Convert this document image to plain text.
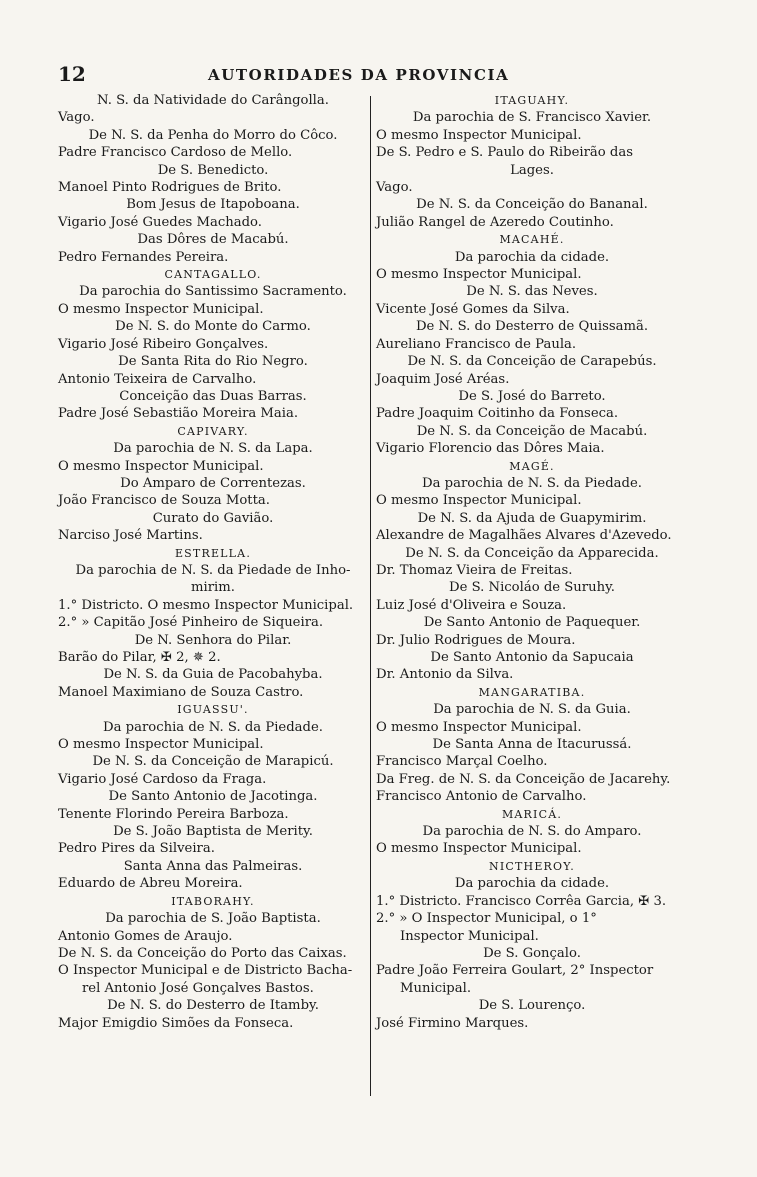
12	AUTORIDADES DA PROVINCIA
N. S. da Natividade do Carângolla.
Vago.
De N. S. da Penha do Morro do Côco.
Padre Francisco Cardoso de Mello.
De S. Benedicto.
Manoel Pinto Rodrigues de Brito.
Bom Jesus de Itapoboana.
Vigario José Guedes Machado.
Das Dôres de Macabú.
Pedro Fernandes Pereira.
CANTAGALLO.
Da parochia do Santissimo Sacramento.
O mesmo Inspector Municipal.
De N. S. do Monte do Carmo.
Vigario José Ribeiro Gonçalves.
De Santa Rita do Rio Negro.
Antonio Teixeira de Carvalho.
Conceição das Duas Barras.
Padre José Sebastião Moreira Maia.
CAPIVARY.
Da parochia de N. S. da Lapa.
O mesmo Inspector Municipal.
Do Amparo de Correntezas.
João Francisco de Souza Motta.
Curato do Gavião.
Narciso José Martins.
ESTRELLA.
Da parochia de N. S. da Piedade de Inho-
mirim.
1.° Districto. O mesmo Inspector Municipal.
2.° » Capitão José Pinheiro de Siqueira.
De N. Senhora do Pilar.
Barão do Pilar, ✠ 2, ✵ 2.
De N. S. da Guia de Pacobahyba.
Manoel Maximiano de Souza Castro.
IGUASSU'.
Da parochia de N. S. da Piedade.
O mesmo Inspector Municipal.
De N. S. da Conceição de Marapicú.
Vigario José Cardoso da Fraga.
De Santo Antonio de Jacotinga.
Tenente Florindo Pereira Barboza.
De S. João Baptista de Merity.
Pedro Pires da Silveira.
Santa Anna das Palmeiras.
Eduardo de Abreu Moreira.
ITABORAHY.
Da parochia de S. João Baptista.
Antonio Gomes de Araujo.
De N. S. da Conceição do Porto das Caixas.
O Inspector Municipal e de Districto Bacha-
rel Antonio José Gonçalves Bastos.
De N. S. do Desterro de Itamby.
Major Emigdio Simões da Fonseca.
ITAGUAHY.
Da parochia de S. Francisco Xavier.
O mesmo Inspector Municipal.
De S. Pedro e S. Paulo do Ribeirão das
Lages.
Vago.
De N. S. da Conceição do Bananal.
Julião Rangel de Azeredo Coutinho.
MACAHÉ.
Da parochia da cidade.
O mesmo Inspector Municipal.
De N. S. das Neves.
Vicente José Gomes da Silva.
De N. S. do Desterro de Quissamã.
Aureliano Francisco de Paula.
De N. S. da Conceição de Carapebús.
Joaquim José Aréas.
De S. José do Barreto.
Padre Joaquim Coitinho da Fonseca.
De N. S. da Conceição de Macabú.
Vigario Florencio das Dôres Maia.
MAGÉ.
Da parochia de N. S. da Piedade.
O mesmo Inspector Municipal.
De N. S. da Ajuda de Guapymirim.
Alexandre de Magalhães Alvares d'Azevedo.
De N. S. da Conceição da Apparecida.
Dr. Thomaz Vieira de Freitas.
De S. Nicoláo de Suruhy.
Luiz José d'Oliveira e Souza.
De Santo Antonio de Paquequer.
Dr. Julio Rodrigues de Moura.
De Santo Antonio da Sapucaia
Dr. Antonio da Silva.
MANGARATIBA.
Da parochia de N. S. da Guia.
O mesmo Inspector Municipal.
De Santa Anna de Itacurussá.
Francisco Marçal Coelho.
Da Freg. de N. S. da Conceição de Jacarehy.
Francisco Antonio de Carvalho.
MARICÁ.
Da parochia de N. S. do Amparo.
O mesmo Inspector Municipal.
NICTHEROY.
Da parochia da cidade.
1.° Districto. Francisco Corrêa Garcia, ✠ 3.
2.° » O Inspector Municipal, o 1°
Inspector Municipal.
De S. Gonçalo.
Padre João Ferreira Goulart, 2° Inspector
Municipal.
De S. Lourenço.
José Firmino Marques.
